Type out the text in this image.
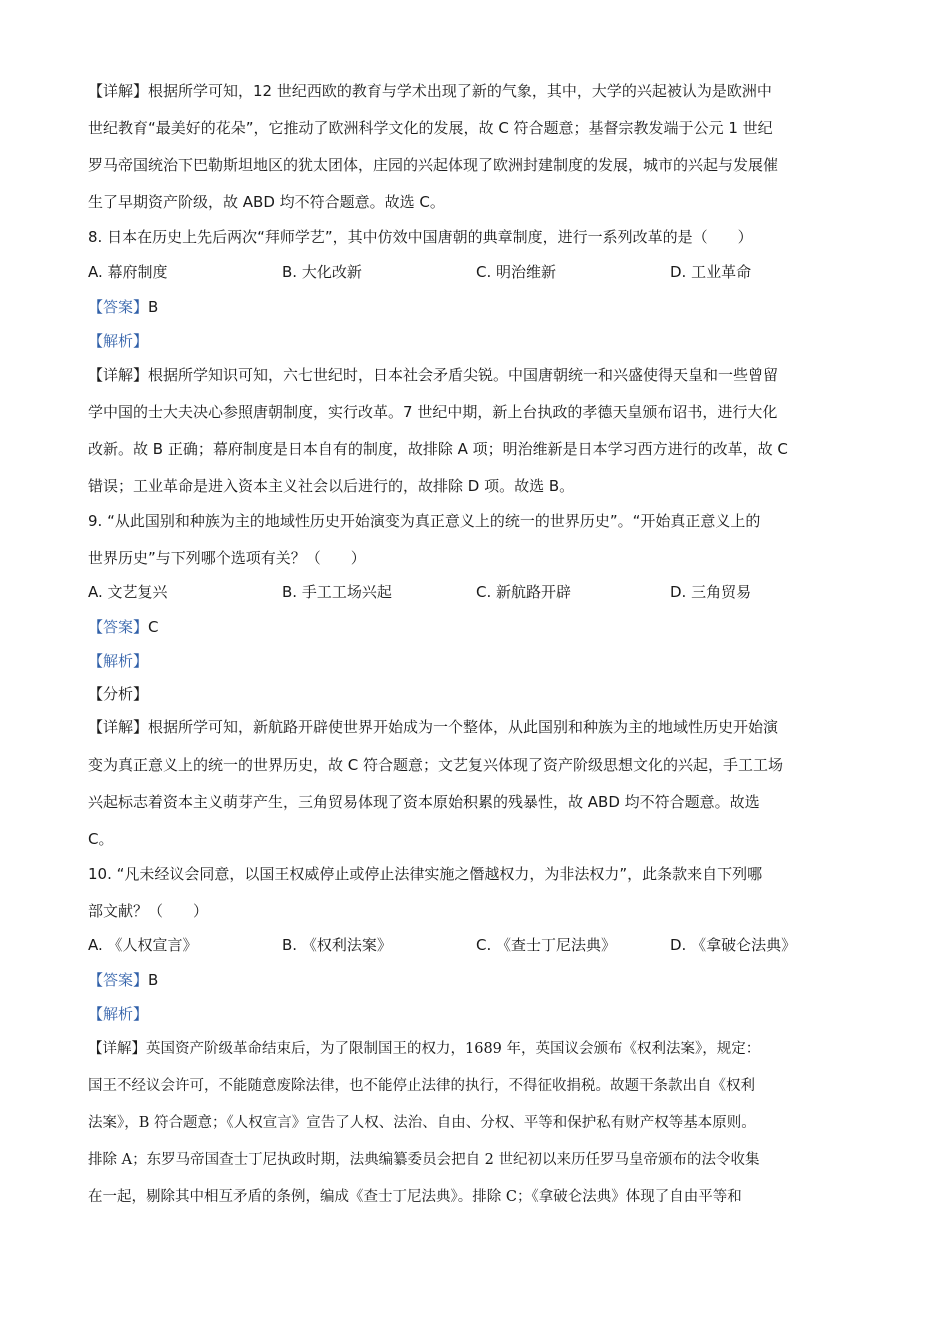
【详解】根据所学可知，12 世纪西欧的教育与学术出现了新的气象，其中，大学的兴起被认为是欧洲中
世纪教育“最美好的花朵”，它推动了欧洲科学文化的发展，故 C 符合题意；基督宗教发端于公元 1 世纪
罗马帝国统治下巴勒斯坦地区的犹太团体，庄园的兴起体现了欧洲封建制度的发展，城市的兴起与发展催
生了早期资产阶级，故 ABD 均不符合题意。故选 C。
8. 日本在历史上先后两次“拜师学艺”，其中仿效中国唐朝的典章制度，进行一系列改革的是（　　）
A. 幕府制度	B. 大化改新	C. 明治维新	D. 工业革命
【答案】B
【解析】
【详解】根据所学知识可知，六七世纪时，日本社会矛盾尖锐。中国唐朝统一和兴盛使得天皇和一些曾留
学中国的士大夫决心参照唐朝制度，实行改革。7 世纪中期，新上台执政的孝德天皇颁布诏书，进行大化
改新。故 B 正确；幕府制度是日本自有的制度，故排除 A 项；明治维新是日本学习西方进行的改革，故 C
错误；工业革命是进入资本主义社会以后进行的，故排除 D 项。故选 B。
9. “从此国别和种族为主的地域性历史开始演变为真正意义上的统一的世界历史”。“开始真正意义上的
世界历史”与下列哪个选项有关？（　　）
A. 文艺复兴	B. 手工工场兴起	C. 新航路开辟	D. 三角贸易
【答案】C
【解析】
【分析】
【详解】根据所学可知，新航路开辟使世界开始成为一个整体，从此国别和种族为主的地域性历史开始演
变为真正意义上的统一的世界历史，故 C 符合题意；文艺复兴体现了资产阶级思想文化的兴起，手工工场
兴起标志着资本主义萌芽产生，三角贸易体现了资本原始积累的残暴性，故 ABD 均不符合题意。故选
C。
10. “凡未经议会同意，以国王权威停止或停止法律实施之僭越权力，为非法权力”，此条款来自下列哪
部文献？（　　）
A. 《人权宣言》	B. 《权利法案》	C. 《查士丁尼法典》	D. 《拿破仑法典》
【答案】B
【解析】
【详解】英国资产阶级革命结束后，为了限制国王的权力，1689 年，英国议会颁布《权利法案》，规定：
国王不经议会许可，不能随意废除法律，也不能停止法律的执行，不得征收捐税。故题干条款出自《权利
法案》，B 符合题意；《人权宣言》宣告了人权、法治、自由、分权、平等和保护私有财产权等基本原则。
排除 A；东罗马帝国查士丁尼执政时期，法典编纂委员会把自 2 世纪初以来历任罗马皇帝颁布的法令收集
在一起，剔除其中相互矛盾的条例，编成《查士丁尼法典》。排除 C；《拿破仑法典》体现了自由平等和
